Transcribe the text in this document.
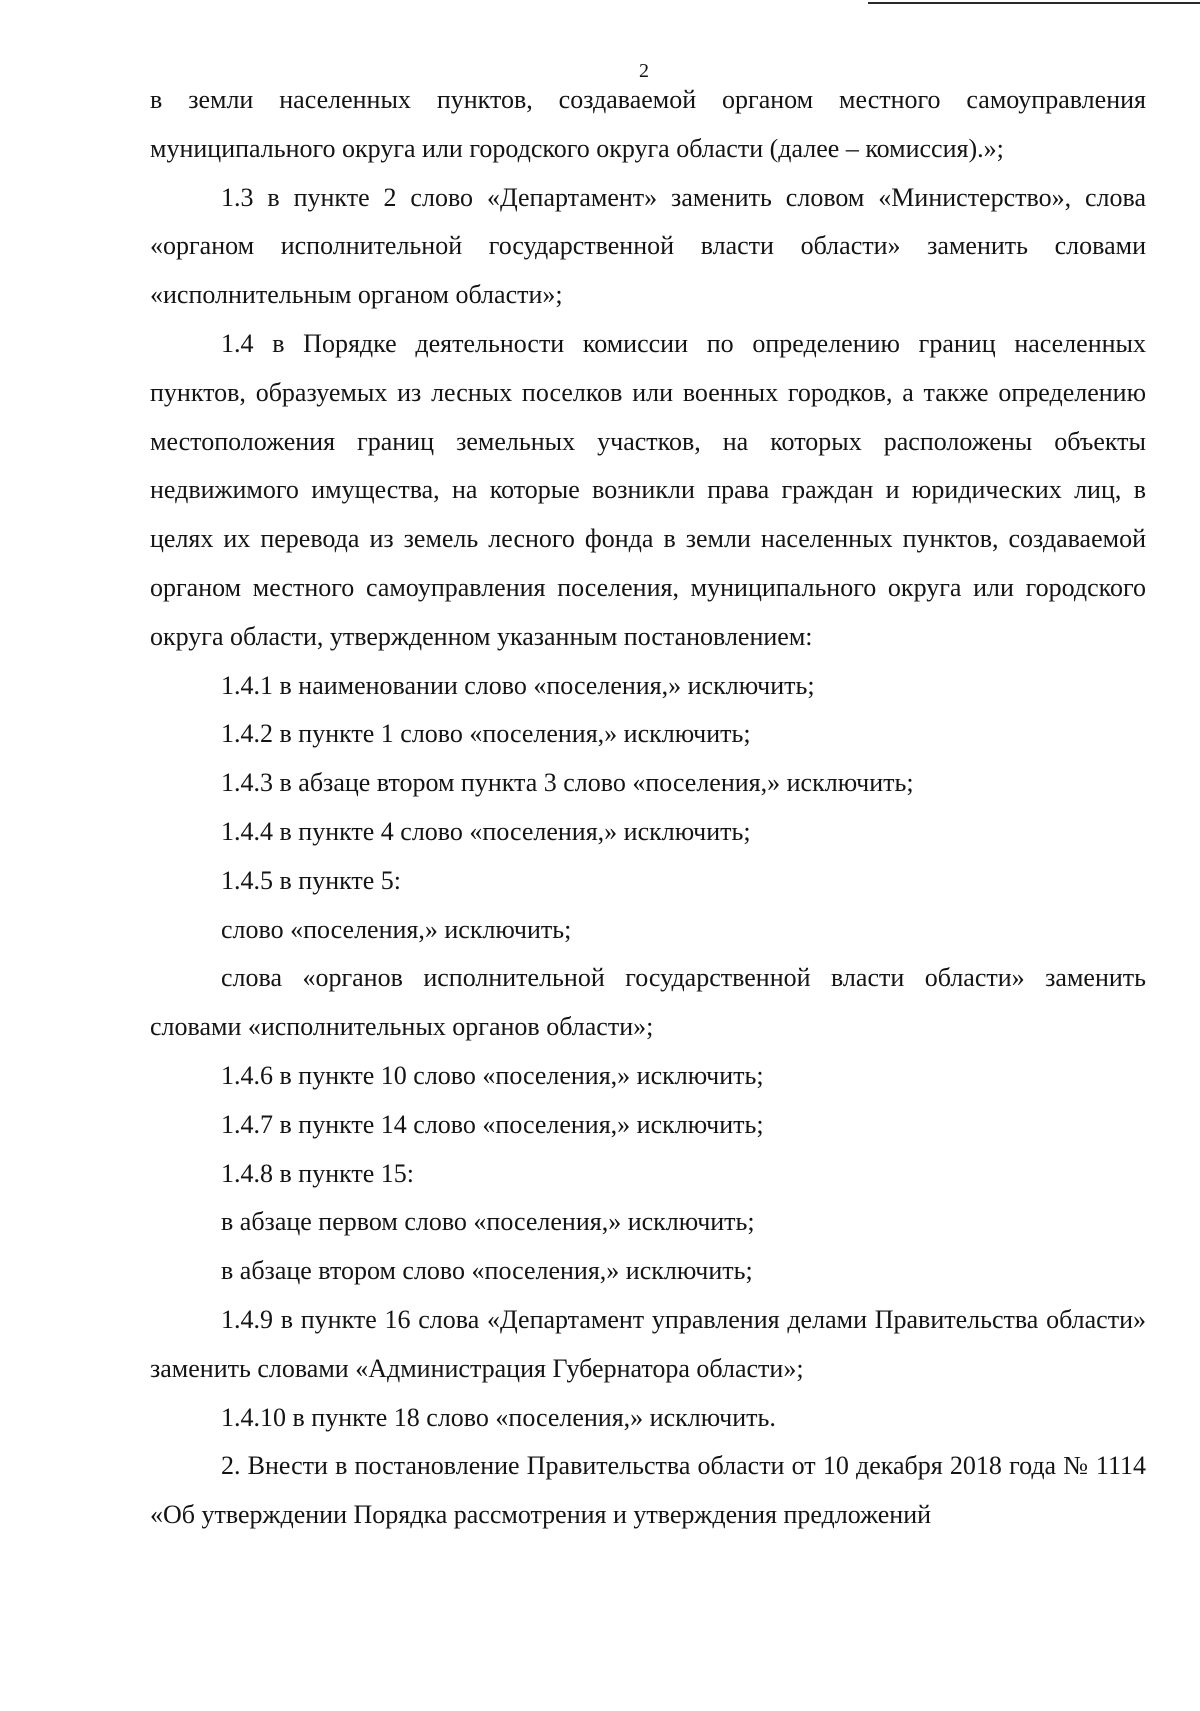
2

в земли населенных пунктов, создаваемой органом местного самоуправления муниципального округа или городского округа области (далее – комиссия).»;

1.3 в пункте 2 слово «Департамент» заменить словом «Министерство», слова «органом исполнительной государственной власти области» заменить словами «исполнительным органом области»;

1.4 в Порядке деятельности комиссии по определению границ населенных пунктов, образуемых из лесных поселков или военных городков, а также определению местоположения границ земельных участков, на которых расположены объекты недвижимого имущества, на которые возникли права граждан и юридических лиц, в целях их перевода из земель лесного фонда в земли населенных пунктов, создаваемой органом местного самоуправления поселения, муниципального округа или городского округа области, утвержденном указанным постановлением:

1.4.1 в наименовании слово «поселения,» исключить;

1.4.2 в пункте 1 слово «поселения,» исключить;

1.4.3 в абзаце втором пункта 3 слово «поселения,» исключить;

1.4.4 в пункте 4 слово «поселения,» исключить;

1.4.5 в пункте 5:

слово «поселения,» исключить;

слова «органов исполнительной государственной власти области» заменить словами «исполнительных органов области»;

1.4.6 в пункте 10 слово «поселения,» исключить;

1.4.7 в пункте 14 слово «поселения,» исключить;

1.4.8 в пункте 15:

в абзаце первом слово «поселения,» исключить;

в абзаце втором слово «поселения,» исключить;

1.4.9 в пункте 16 слова «Департамент управления делами Правительства области» заменить словами «Администрация Губернатора области»;

1.4.10 в пункте 18 слово «поселения,» исключить.

2. Внести в постановление Правительства области от 10 декабря 2018 года № 1114 «Об утверждении Порядка рассмотрения и утверждения предложений
